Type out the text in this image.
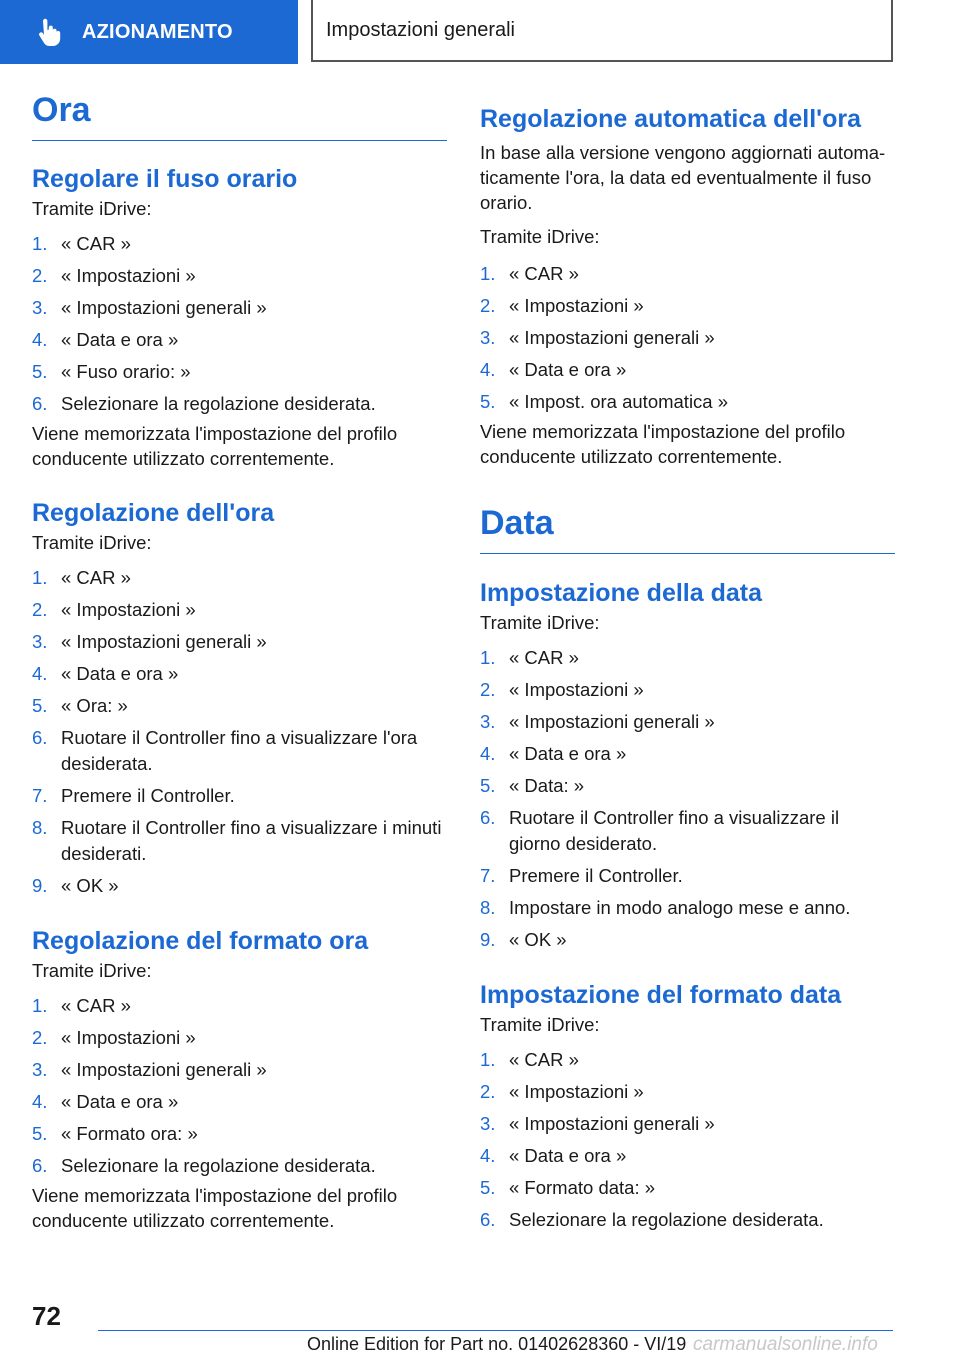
AZIONAMENTO	Impostazioni generali
Ora
Regolare il fuso orario

Tramite iDrive:

1. « CAR »
2. « Impostazioni »
3. « Impostazioni generali »
4. « Data e ora »
5. « Fuso orario: »
6. Selezionare la regolazione desiderata.

Viene memorizzata l'impostazione del profilo conducente utilizzato correntemente.

Regolazione dell'ora

Tramite iDrive:

1. « CAR »
2. « Impostazioni »
3. « Impostazioni generali »
4. « Data e ora »
5. « Ora: »
6. Ruotare il Controller fino a visualizzare l'ora desiderata.
7. Premere il Controller.
8. Ruotare il Controller fino a visualizzare i minuti desiderati.
9. « OK »
Regolazione del formato ora

Tramite iDrive:

1. « CAR »
2. « Impostazioni »
3. « Impostazioni generali »
4. « Data e ora »
5. « Formato ora: »
6. Selezionare la regolazione desiderata.

Viene memorizzata l'impostazione del profilo conducente utilizzato correntemente.

Regolazione automatica dell'ora

In base alla versione vengono aggiornati automa-ticamente l'ora, la data ed eventualmente il fuso orario.

Tramite iDrive:

1. « CAR »
2. « Impostazioni »
3. « Impostazioni generali »
4. « Data e ora »
5. « Impost. ora automatica »

Viene memorizzata l'impostazione del profilo conducente utilizzato correntemente.

Data
Impostazione della data

Tramite iDrive:

1. « CAR »
2. « Impostazioni »
3. « Impostazioni generali »
4. « Data e ora »
5. « Data: »
6. Ruotare il Controller fino a visualizzare il giorno desiderato.
7. Premere il Controller.
8. Impostare in modo analogo mese e anno.
9. « OK »
Impostazione del formato data

Tramite iDrive:

1. « CAR »
2. « Impostazioni »
3. « Impostazioni generali »
4. « Data e ora »
5. « Formato data: »
6. Selezionare la regolazione desiderata.
72
Online Edition for Part no. 01402628360 - VI/19 carmanualsonline.info
